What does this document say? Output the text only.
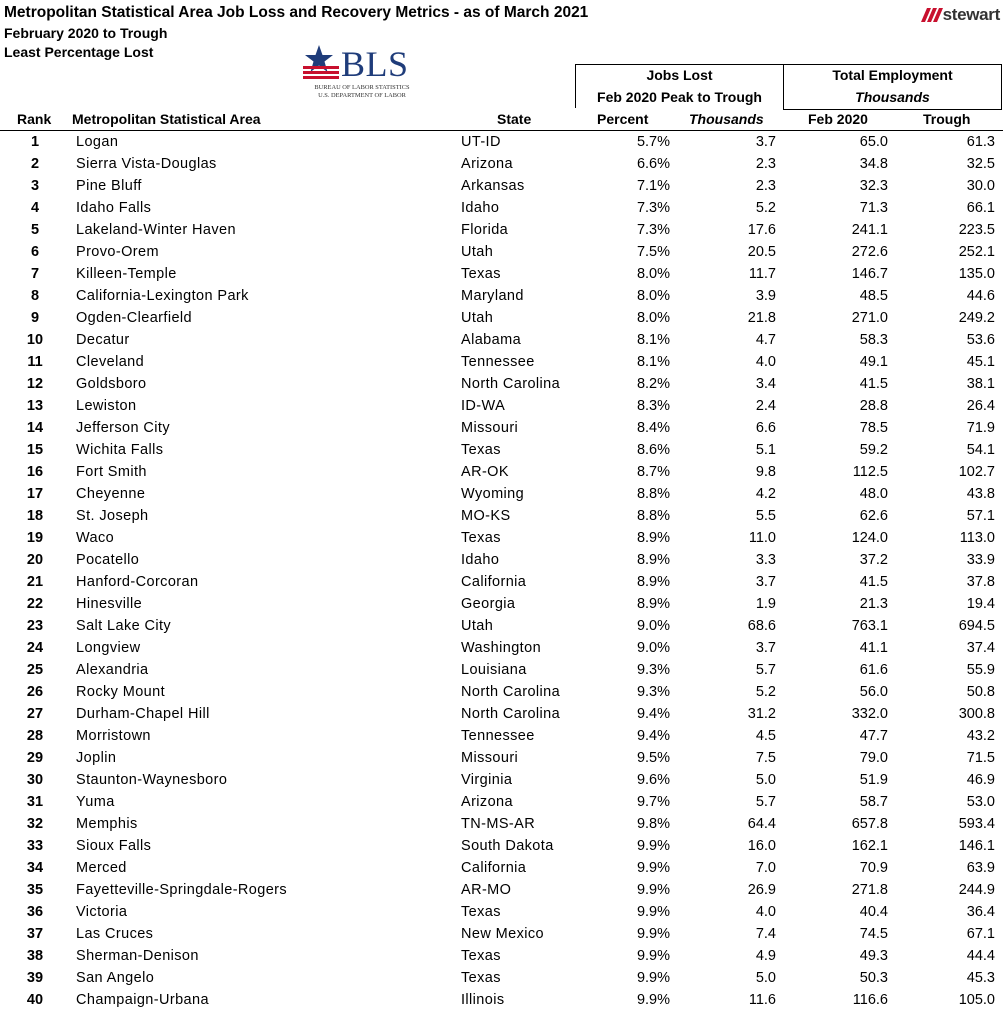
Metropolitan Statistical Area Job Loss and Recovery Metrics - as of March 2021
February 2020 to Trough
Least Percentage Lost
stewart
BLS
BUREAU OF LABOR STATISTICS
U.S. DEPARTMENT OF LABOR
Jobs Lost
Feb 2020 Peak to Trough
Total Employment
Thousands
Rank Metropolitan Statistical Area	State	Percent	Thousands	Feb 2020	Trough
1	Logan	UT-ID	5.7%	3.7	65.0	61.3
2	Sierra Vista-Douglas	Arizona	6.6%	2.3	34.8	32.5
3	Pine Bluff	Arkansas	7.1%	2.3	32.3	30.0
4	Idaho Falls	Idaho	7.3%	5.2	71.3	66.1
5	Lakeland-Winter Haven	Florida	7.3%	17.6	241.1	223.5
6	Provo-Orem	Utah	7.5%	20.5	272.6	252.1
7	Killeen-Temple	Texas	8.0%	11.7	146.7	135.0
8	California-Lexington Park	Maryland	8.0%	3.9	48.5	44.6
9	Ogden-Clearfield	Utah	8.0%	21.8	271.0	249.2
10	Decatur	Alabama	8.1%	4.7	58.3	53.6
11	Cleveland	Tennessee	8.1%	4.0	49.1	45.1
12	Goldsboro	North Carolina	8.2%	3.4	41.5	38.1
13	Lewiston	ID-WA	8.3%	2.4	28.8	26.4
14	Jefferson City	Missouri	8.4%	6.6	78.5	71.9
15	Wichita Falls	Texas	8.6%	5.1	59.2	54.1
16	Fort Smith	AR-OK	8.7%	9.8	112.5	102.7
17	Cheyenne	Wyoming	8.8%	4.2	48.0	43.8
18	St. Joseph	MO-KS	8.8%	5.5	62.6	57.1
19	Waco	Texas	8.9%	11.0	124.0	113.0
20	Pocatello	Idaho	8.9%	3.3	37.2	33.9
21	Hanford-Corcoran	California	8.9%	3.7	41.5	37.8
22	Hinesville	Georgia	8.9%	1.9	21.3	19.4
23	Salt Lake City	Utah	9.0%	68.6	763.1	694.5
24	Longview	Washington	9.0%	3.7	41.1	37.4
25	Alexandria	Louisiana	9.3%	5.7	61.6	55.9
26	Rocky Mount	North Carolina	9.3%	5.2	56.0	50.8
27	Durham-Chapel Hill	North Carolina	9.4%	31.2	332.0	300.8
28	Morristown	Tennessee	9.4%	4.5	47.7	43.2
29	Joplin	Missouri	9.5%	7.5	79.0	71.5
30	Staunton-Waynesboro	Virginia	9.6%	5.0	51.9	46.9
31	Yuma	Arizona	9.7%	5.7	58.7	53.0
32	Memphis	TN-MS-AR	9.8%	64.4	657.8	593.4
33	Sioux Falls	South Dakota	9.9%	16.0	162.1	146.1
34	Merced	California	9.9%	7.0	70.9	63.9
35	Fayetteville-Springdale-Rogers	AR-MO	9.9%	26.9	271.8	244.9
36	Victoria	Texas	9.9%	4.0	40.4	36.4
37	Las Cruces	New Mexico	9.9%	7.4	74.5	67.1
38	Sherman-Denison	Texas	9.9%	4.9	49.3	44.4
39	San Angelo	Texas	9.9%	5.0	50.3	45.3
40	Champaign-Urbana	Illinois	9.9%	11.6	116.6	105.0
